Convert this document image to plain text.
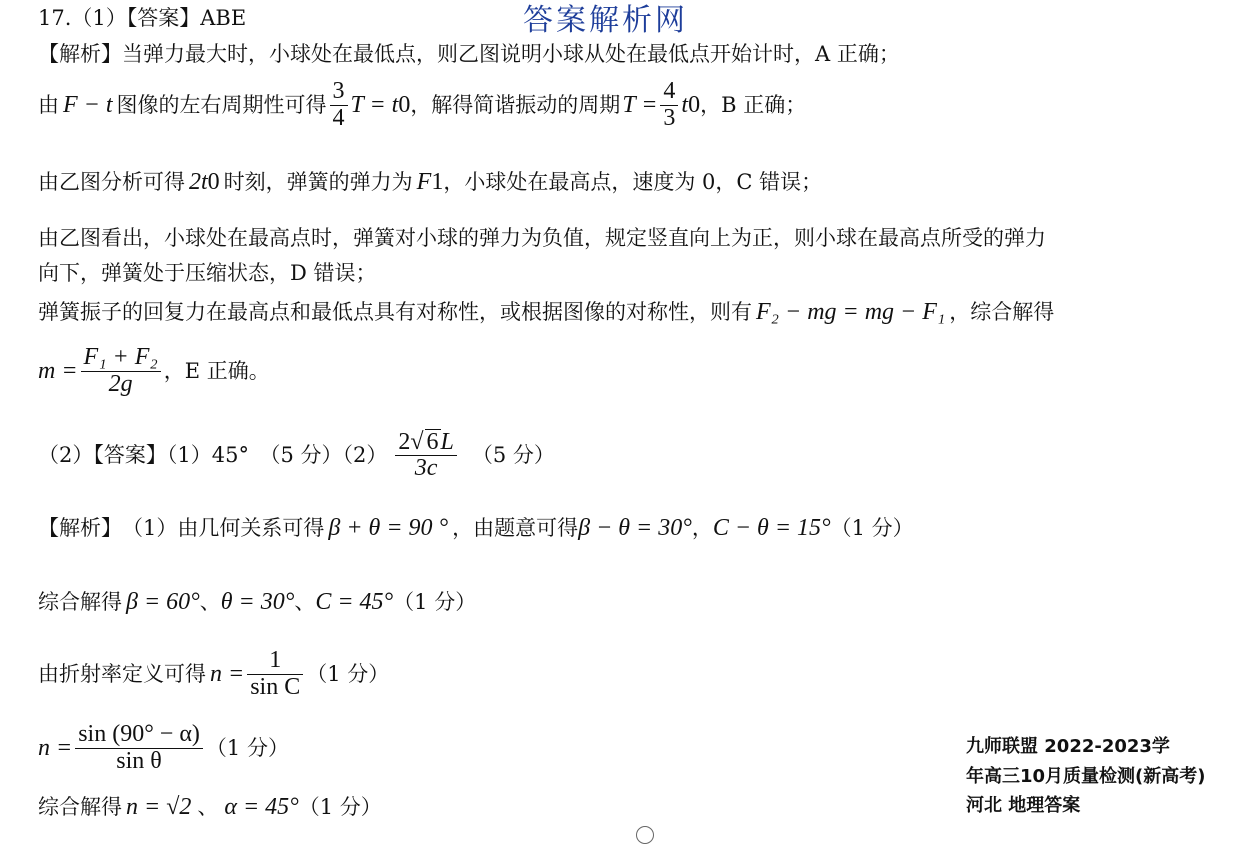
答案解析网
17.（1）【答案】ABE
【解析】当弹力最大时，小球处在最低点，则乙图说明小球从处在最低点开始计时，A 正确；
由 F − t 图像的左右周期性可得 $\frac{3}{4}$ T = t 0 ，解得简谐振动的周期 $T = \frac{4}{3}$ t 0 ，B 正确；
由乙图分析可得 2t 0 时刻，弹簧的弹力为 F 1 ，小球处在最高点，速度为 0，C 错误；
由乙图看出，小球处在最高点时，弹簧对小球的弹力为负值，规定竖直向上为正，则小球在最高点所受的弹力
向下，弹簧处于压缩状态，D 错误；
弹簧振子的回复力在最高点和最低点具有对称性，或根据图像的对称性，则有 F₂ − mg = mg − F₁ ，综合解得
$m = \frac{\text{F₁ + F₂}}{2g}$ ，E 正确。
（2）【答案】（1）45°　（5 分）$(2) \frac{2√ 6L}{3c} (5$ 分）
【解析】 （1）由几何关系可得 β + θ = 90 ° ，由题意可得 β − θ = 30° ， C − θ = 15° （1 分）
综合解得 β = 60° 、 θ = 30° 、 C = 45° （1 分）
由折射率定义可得 $n = \frac{1}{\text{sin C}} (1$ 分）
$n = \frac{\sin (90^\circ - \alpha)}{\text{sin θ}} (1$ 分）
综合解得 n = √2 、 α = 45° （1 分）
九师联盟 2022-2023学
年高三10月质量检测(新高考)
河北 地理答案
